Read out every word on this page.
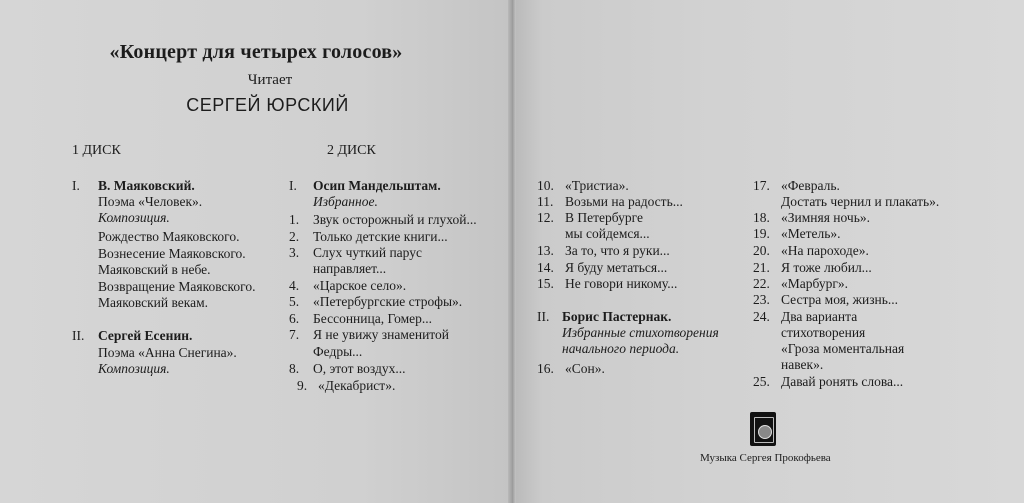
«Концерт для четырех голосов»
Читает
СЕРГЕЙ ЮРСКИЙ
1 ДИСК	2 ДИСК
I. В. Маяковский.
Поэма «Человек».
Композиция.
Рождество Маяковского.
Вознесение Маяковского.
Маяковский в небе.
Возвращение Маяковского.
Маяковский векам.
II. Сергей Есенин.
Поэма «Анна Снегина».
Композиция.
I. Осип Мандельштам.
Избранное.
1. Звук осторожный и глухой...
2. Только детские книги...
3. Слух чуткий парус
направляет...
4. «Царское село».
5. «Петербургские строфы».
6. Бессонница, Гомер...
7. Я не увижу знаменитой
Федры...
8. О, этот воздух...
9. «Декабрист».
10. «Тристиа».
11. Возьми на радость...
12. В Петербурге
мы сойдемся...
13. За то, что я руки...
14. Я буду метаться...
15. Не говори никому...
II. Борис Пастернак.
Избранные стихотворения
начального периода.
16. «Сон».
17. «Февраль.
Достать чернил и плакать».
18. «Зимняя ночь».
19. «Метель».
20. «На пароходе».
21. Я тоже любил...
22. «Марбург».
23. Сестра моя, жизнь...
24. Два варианта
стихотворения
«Гроза моментальная
навек».
25. Давай ронять слова...
Музыка Сергея Прокофьева
